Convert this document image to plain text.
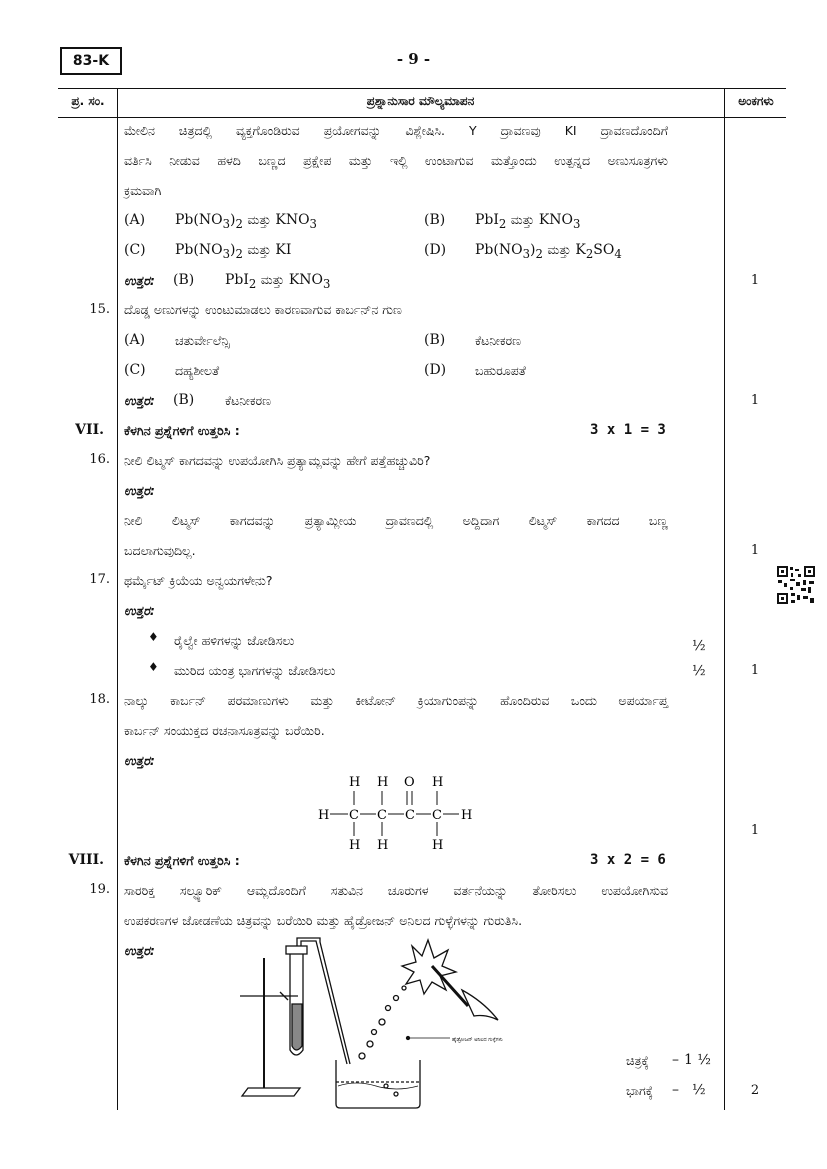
83-K	- 9 -
ಪ್ರ. ಸಂ.	ಪ್ರಶ್ನಾನುಸಾರ ಮೌಲ್ಯಮಾಪನ	ಅಂಕಗಳು
ಮೇಲಿನ ಚಿತ್ರದಲ್ಲಿ ವ್ಯಕ್ತಗೊಂಡಿರುವ ಪ್ರಯೋಗವನ್ನು ವಿಶ್ಲೇಷಿಸಿ. Y ದ್ರಾವಣವು KI ದ್ರಾವಣದೊಂದಿಗೆ
ವರ್ತಿಸಿ ನೀಡುವ ಹಳದಿ ಬಣ್ಣದ ಪ್ರಕ್ಷೇಪ ಮತ್ತು ಇಲ್ಲಿ ಉಂಟಾಗುವ ಮತ್ತೊಂದು ಉತ್ಪನ್ನದ ಅಣುಸೂತ್ರಗಳು
ಕ್ರಮವಾಗಿ
(A) $Pb(NO_3)_2$ ಮತ್ತು $KNO_3$	(B) PbI$_2$ ಮತ್ತು $KNO_3$
(C) $Pb(NO_3)_2$ ಮತ್ತು KI	(D) $Pb(NO_3)_2$ ಮತ್ತು $K_2SO_4$
ಉತ್ತರ: (B) PbI$_2$ ಮತ್ತು $KNO_3$	1
15. ದೊಡ್ಡ ಅಣುಗಳನ್ನು ಉಂಟುಮಾಡಲು ಕಾರಣವಾಗುವ ಕಾರ್ಬನ್‌ನ ಗುಣ
(A) ಚತುರ್ವೇಲೆನ್ಸಿ	(B) ಕೆಟನೀಕರಣ
(C) ದಹ್ಯಶೀಲತೆ	(D) ಬಹುರೂಪತೆ
ಉತ್ತರ: (B) ಕೆಟನೀಕರಣ	1
VII. ಕೆಳಗಿನ ಪ್ರಶ್ನೆಗಳಿಗೆ ಉತ್ತರಿಸಿ :	3 x 1 = 3
16. ನೀಲಿ ಲಿಟ್ಮಸ್ ಕಾಗದವನ್ನು ಉಪಯೋಗಿಸಿ ಪ್ರತ್ಯಾಮ್ಲವನ್ನು ಹೇಗೆ ಪತ್ತೆಹಚ್ಚುವಿರಿ?
ಉತ್ತರ:
ನೀಲಿ ಲಿಟ್ಮಸ್ ಕಾಗದವನ್ನು ಪ್ರತ್ಯಾಮ್ಲೀಯ ದ್ರಾವಣದಲ್ಲಿ ಅದ್ದಿದಾಗ ಲಿಟ್ಮಸ್ ಕಾಗದದ ಬಣ್ಣ
ಬದಲಾಗುವುದಿಲ್ಲ.	1
17. ಥರ್ಮೈಟ್ ಕ್ರಿಯೆಯ ಅನ್ವಯಗಳೇನು?
ಉತ್ತರ:
♦ ರೈಲ್ವೇ ಹಳಿಗಳನ್ನು ಜೋಡಿಸಲು	½
♦ ಮುರಿದ ಯಂತ್ರ ಭಾಗಗಳನ್ನು ಜೋಡಿಸಲು	½	1
18. ನಾಲ್ಕು ಕಾರ್ಬನ್ ಪರಮಾಣುಗಳು ಮತ್ತು ಕೀಟೋನ್ ಕ್ರಿಯಾಗುಂಪನ್ನು ಹೊಂದಿರುವ ಒಂದು ಅಪರ್ಯಾಪ್ತ
ಕಾರ್ಬನ್ ಸಂಯುಕ್ತದ ರಚನಾಸೂತ್ರವನ್ನು ಬರೆಯಿರಿ.
ಉತ್ತರ:
H H O H
H C C C C H
H H	H
1
VIII. ಕೆಳಗಿನ ಪ್ರಶ್ನೆಗಳಿಗೆ ಉತ್ತರಿಸಿ :	3 x 2 = 6
19. ಸಾರರಿಕ್ತ ಸಲ್ಫ್ಯೂರಿಕ್ ಆಮ್ಲದೊಂದಿಗೆ ಸತುವಿನ ಚೂರುಗಳ ವರ್ತನೆಯನ್ನು ತೋರಿಸಲು ಉಪಯೋಗಿಸುವ
ಉಪಕರಣಗಳ ಜೋಡಣೆಯ ಚಿತ್ರವನ್ನು ಬರೆಯಿರಿ ಮತ್ತು ಹೈಡ್ರೋಜನ್ ಅನಿಲದ ಗುಳ್ಳೆಗಳನ್ನು ಗುರುತಿಸಿ.
ಉತ್ತರ:
ಹೈಡ್ರೋಜನ್ ಅನಿಲದ ಗುಳ್ಳೆಗಳು
ಚಿತ್ರಕ್ಕೆ – 1 ½
ಭಾಗಕ್ಕೆ – ½	2
